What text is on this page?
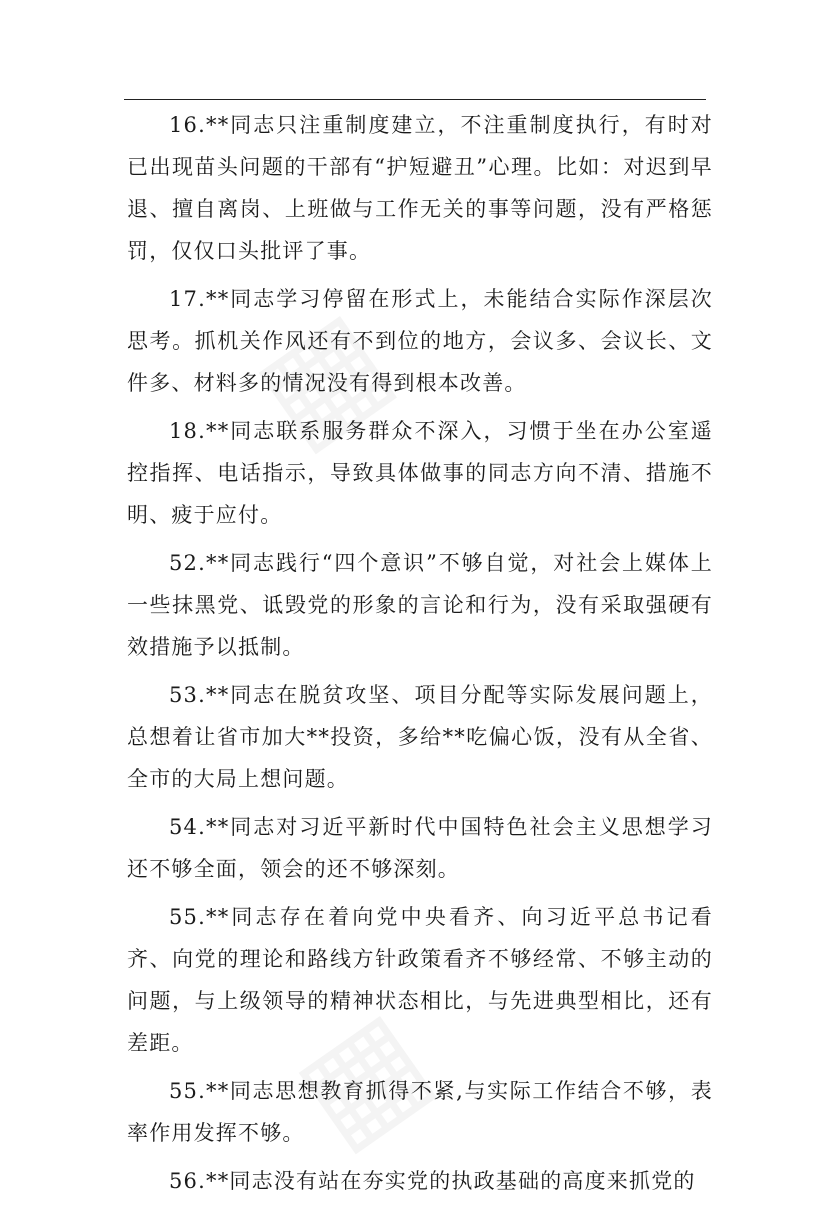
16.**同志只注重制度建立，不注重制度执行，有时对已出现苗头问题的干部有“护短避丑”心理。比如：对迟到早退、擅自离岗、上班做与工作无关的事等问题，没有严格惩罚，仅仅口头批评了事。

17.**同志学习停留在形式上，未能结合实际作深层次思考。抓机关作风还有不到位的地方，会议多、会议长、文件多、材料多的情况没有得到根本改善。

18.**同志联系服务群众不深入，习惯于坐在办公室遥控指挥、电话指示，导致具体做事的同志方向不清、措施不明、疲于应付。

52.**同志践行“四个意识”不够自觉，对社会上媒体上一些抹黑党、诋毁党的形象的言论和行为，没有采取强硬有效措施予以抵制。

53.**同志在脱贫攻坚、项目分配等实际发展问题上，总想着让省市加大**投资，多给**吃偏心饭，没有从全省、全市的大局上想问题。

54.**同志对习近平新时代中国特色社会主义思想学习还不够全面，领会的还不够深刻。

55.**同志存在着向党中央看齐、向习近平总书记看齐、向党的理论和路线方针政策看齐不够经常、不够主动的问题，与上级领导的精神状态相比，与先进典型相比，还有差距。

55.**同志思想教育抓得不紧,与实际工作结合不够，表率作用发挥不够。

56.**同志没有站在夯实党的执政基础的高度来抓党的
